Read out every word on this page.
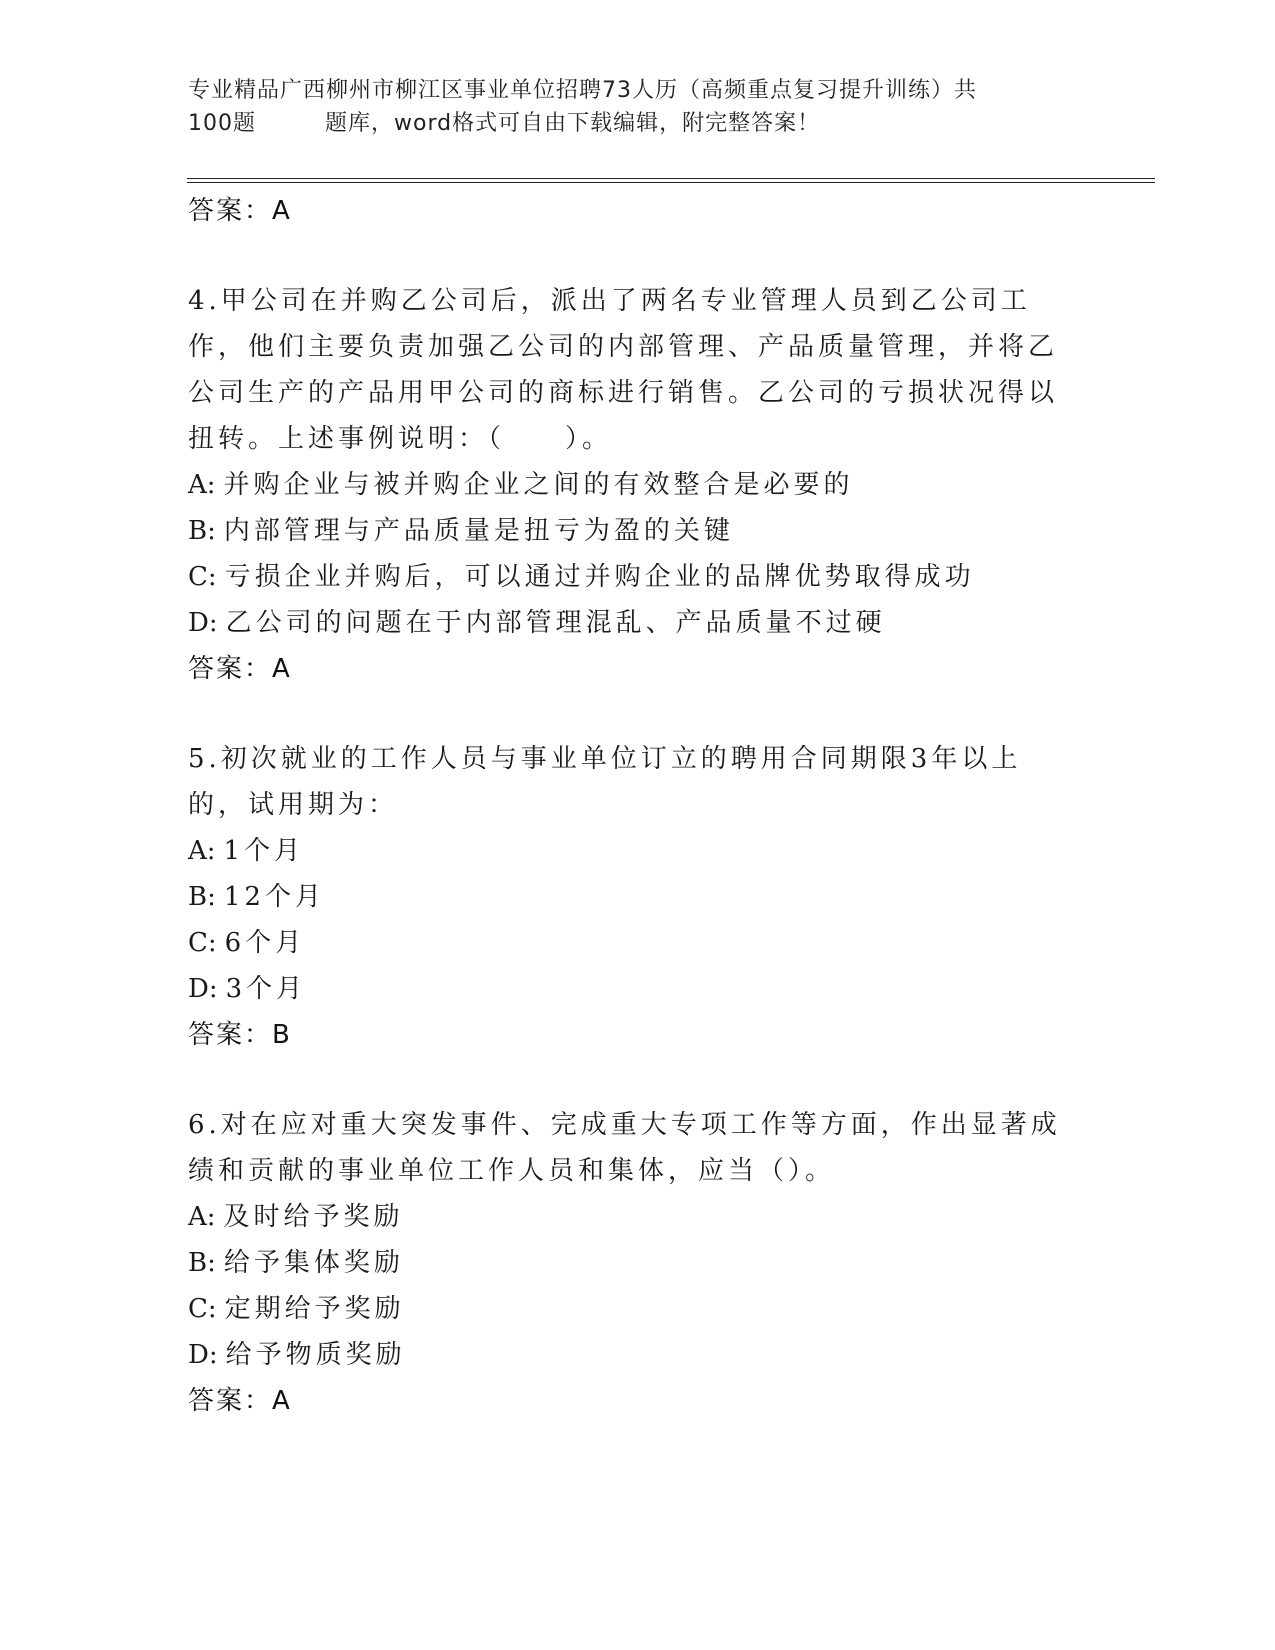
专业精品广西柳州市柳江区事业单位招聘73人历（高频重点复习提升训练）共
100题　　　题库，word格式可自由下载编辑，附完整答案！
答案：A
4.甲公司在并购乙公司后，派出了两名专业管理人员到乙公司工作，他们主要负责加强乙公司的内部管理、产品质量管理，并将乙公司生产的产品用甲公司的商标进行销售。乙公司的亏损状况得以扭转。上述事例说明：（　　）。
A: 并购企业与被并购企业之间的有效整合是必要的
B: 内部管理与产品质量是扭亏为盈的关键
C: 亏损企业并购后，可以通过并购企业的品牌优势取得成功
D: 乙公司的问题在于内部管理混乱、产品质量不过硬
答案：A
5.初次就业的工作人员与事业单位订立的聘用合同期限3年以上的，试用期为：
A: 1个月
B: 12个月
C: 6个月
D: 3个月
答案：B
6.对在应对重大突发事件、完成重大专项工作等方面，作出显著成绩和贡献的事业单位工作人员和集体，应当（）。
A: 及时给予奖励
B: 给予集体奖励
C: 定期给予奖励
D: 给予物质奖励
答案：A
